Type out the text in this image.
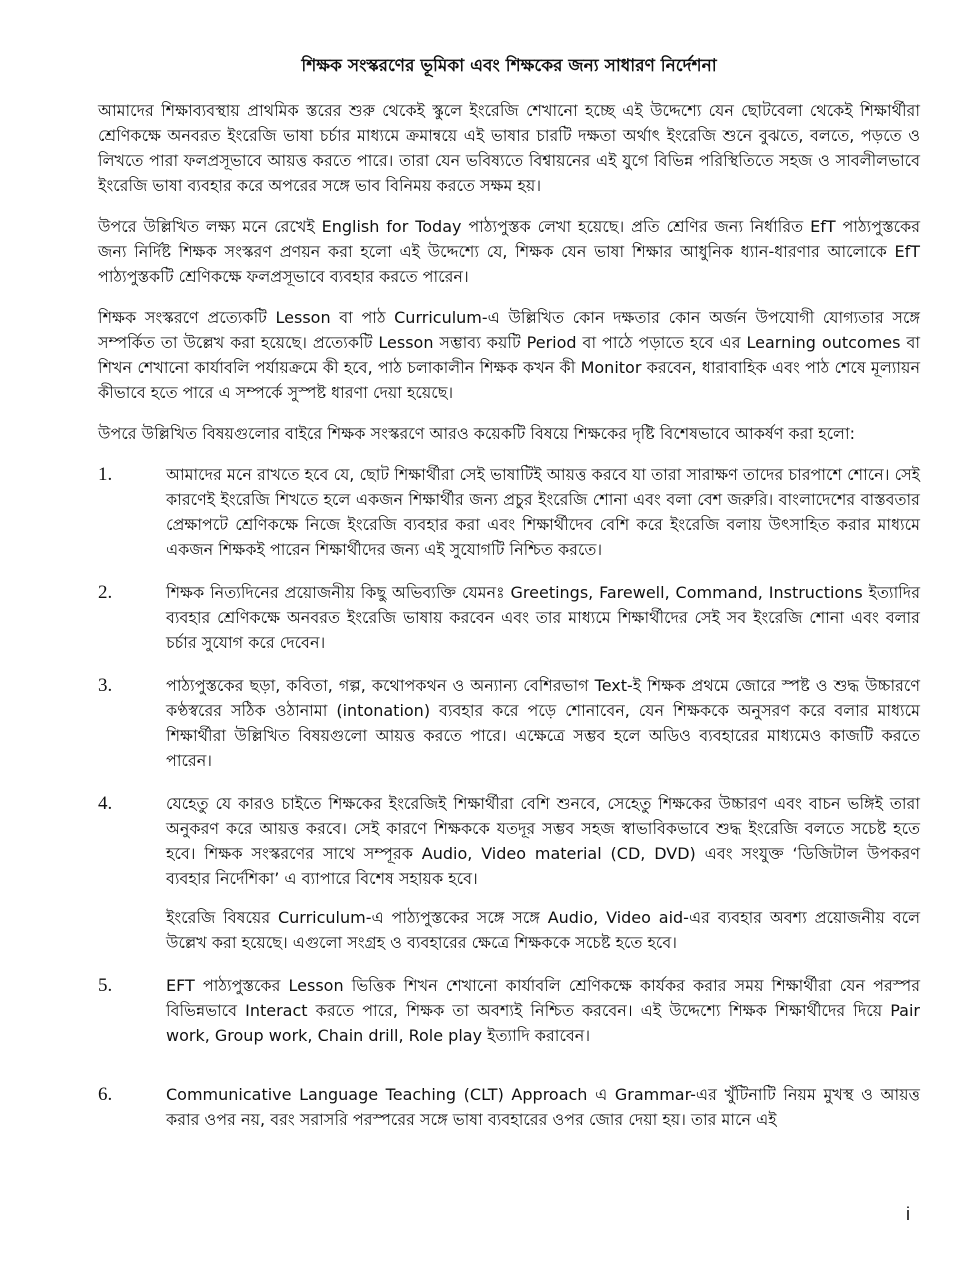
শিক্ষক সংস্করণের ভূমিকা এবং শিক্ষকের জন্য সাধারণ নির্দেশনা

আমাদের শিক্ষাব্যবস্থায় প্রাথমিক স্তরের শুরু থেকেই স্কুলে ইংরেজি শেখানো হচ্ছে এই উদ্দেশ্যে যেন ছোটবেলা থেকেই শিক্ষার্থীরা শ্রেণিকক্ষে অনবরত ইংরেজি ভাষা চর্চার মাধ্যমে ক্রমান্বয়ে এই ভাষার চারটি দক্ষতা অর্থাৎ ইংরেজি শুনে বুঝতে, বলতে, পড়তে ও লিখতে পারা ফলপ্রসূভাবে আয়ত্ত করতে পারে। তারা যেন ভবিষ্যতে বিশ্বায়নের এই যুগে বিভিন্ন পরিস্থিতিতে সহজ ও সাবলীলভাবে ইংরেজি ভাষা ব্যবহার করে অপরের সঙ্গে ভাব বিনিময় করতে সক্ষম হয়।

উপরে উল্লিখিত লক্ষ্য মনে রেখেই English for Today পাঠ্যপুস্তক লেখা হয়েছে। প্রতি শ্রেণির জন্য নির্ধারিত EfT পাঠ্যপুস্তকের জন্য নির্দিষ্ট শিক্ষক সংস্করণ প্রণয়ন করা হলো এই উদ্দেশ্যে যে, শিক্ষক যেন ভাষা শিক্ষার আধুনিক ধ্যান-ধারণার আলোকে EfT পাঠ্যপুস্তকটি শ্রেণিকক্ষে ফলপ্রসূভাবে ব্যবহার করতে পারেন।

শিক্ষক সংস্করণে প্রত্যেকটি Lesson বা পাঠ Curriculum-এ উল্লিখিত কোন দক্ষতার কোন অর্জন উপযোগী যোগ্যতার সঙ্গে সম্পর্কিত তা উল্লেখ করা হয়েছে। প্রত্যেকটি Lesson সম্ভাব্য কয়টি Period বা পাঠে পড়াতে হবে এর Learning outcomes বা শিখন শেখানো কার্যাবলি পর্যায়ক্রমে কী হবে, পাঠ চলাকালীন শিক্ষক কখন কী Monitor করবেন, ধারাবাহিক এবং পাঠ শেষে মূল্যায়ন কীভাবে হতে পারে এ সম্পর্কে সুস্পষ্ট ধারণা দেয়া হয়েছে।

উপরে উল্লিখিত বিষয়গুলোর বাইরে শিক্ষক সংস্করণে আরও কয়েকটি বিষয়ে শিক্ষকের দৃষ্টি বিশেষভাবে আকর্ষণ করা হলো:

1.	আমাদের মনে রাখতে হবে যে, ছোট শিক্ষার্থীরা সেই ভাষাটিই আয়ত্ত করবে যা তারা সারাক্ষণ তাদের চারপাশে শোনে। সেই কারণেই ইংরেজি শিখতে হলে একজন শিক্ষার্থীর জন্য প্রচুর ইংরেজি শোনা এবং বলা বেশ জরুরি। বাংলাদেশের বাস্তবতার প্রেক্ষাপটে শ্রেণিকক্ষে নিজে ইংরেজি ব্যবহার করা এবং শিক্ষার্থীদেব বেশি করে ইংরেজি বলায় উৎসাহিত করার মাধ্যমে একজন শিক্ষকই পারেন শিক্ষার্থীদের জন্য এই সুযোগটি নিশ্চিত করতে।

2.	শিক্ষক নিত্যদিনের প্রয়োজনীয় কিছু অভিব্যক্তি যেমনঃ Greetings, Farewell, Command, Instructions ইত্যাদির ব্যবহার শ্রেণিকক্ষে অনবরত ইংরেজি ভাষায় করবেন এবং তার মাধ্যমে শিক্ষার্থীদের সেই সব ইংরেজি শোনা এবং বলার চর্চার সুযোগ করে দেবেন।

3.	পাঠ্যপুস্তকের ছড়া, কবিতা, গল্প, কথোপকথন ও অন্যান্য বেশিরভাগ Text-ই শিক্ষক প্রথমে জোরে স্পষ্ট ও শুদ্ধ উচ্চারণে কণ্ঠস্বরের সঠিক ওঠানামা (intonation) ব্যবহার করে পড়ে শোনাবেন, যেন শিক্ষককে অনুসরণ করে বলার মাধ্যমে শিক্ষার্থীরা উল্লিখিত বিষয়গুলো আয়ত্ত করতে পারে। এক্ষেত্রে সম্ভব হলে অডিও ব্যবহারের মাধ্যমেও কাজটি করতে পারেন।

4.	যেহেতু যে কারও চাইতে শিক্ষকের ইংরেজিই শিক্ষার্থীরা বেশি শুনবে, সেহেতু শিক্ষকের উচ্চারণ এবং বাচন ভঙ্গিই তারা অনুকরণ করে আয়ত্ত করবে। সেই কারণে শিক্ষককে যতদূর সম্ভব সহজ স্বাভাবিকভাবে শুদ্ধ ইংরেজি বলতে সচেষ্ট হতে হবে। শিক্ষক সংস্করণের সাথে সম্পূরক Audio, Video material (CD, DVD) এবং সংযুক্ত ‘ডিজিটাল উপকরণ ব্যবহার নির্দেশিকা’ এ ব্যাপারে বিশেষ সহায়ক হবে।

ইংরেজি বিষয়ের Curriculum-এ পাঠ্যপুস্তকের সঙ্গে সঙ্গে Audio, Video aid-এর ব্যবহার অবশ্য প্রয়োজনীয় বলে উল্লেখ করা হয়েছে। এগুলো সংগ্রহ ও ব্যবহারের ক্ষেত্রে শিক্ষককে সচেষ্ট হতে হবে।

5.	EFT পাঠ্যপুস্তকের Lesson ভিত্তিক শিখন শেখানো কার্যাবলি শ্রেণিকক্ষে কার্যকর করার সময় শিক্ষার্থীরা যেন পরস্পর বিভিন্নভাবে Interact করতে পারে, শিক্ষক তা অবশ্যই নিশ্চিত করবেন। এই উদ্দেশ্যে শিক্ষক শিক্ষার্থীদের দিয়ে Pair work, Group work, Chain drill, Role play ইত্যাদি করাবেন।

6.	Communicative Language Teaching (CLT) Approach এ Grammar-এর খুঁটিনাটি নিয়ম মুখস্থ ও আয়ত্ত করার ওপর নয়, বরং সরাসরি পরস্পরের সঙ্গে ভাষা ব্যবহারের ওপর জোর দেয়া হয়। তার মানে এই

i
